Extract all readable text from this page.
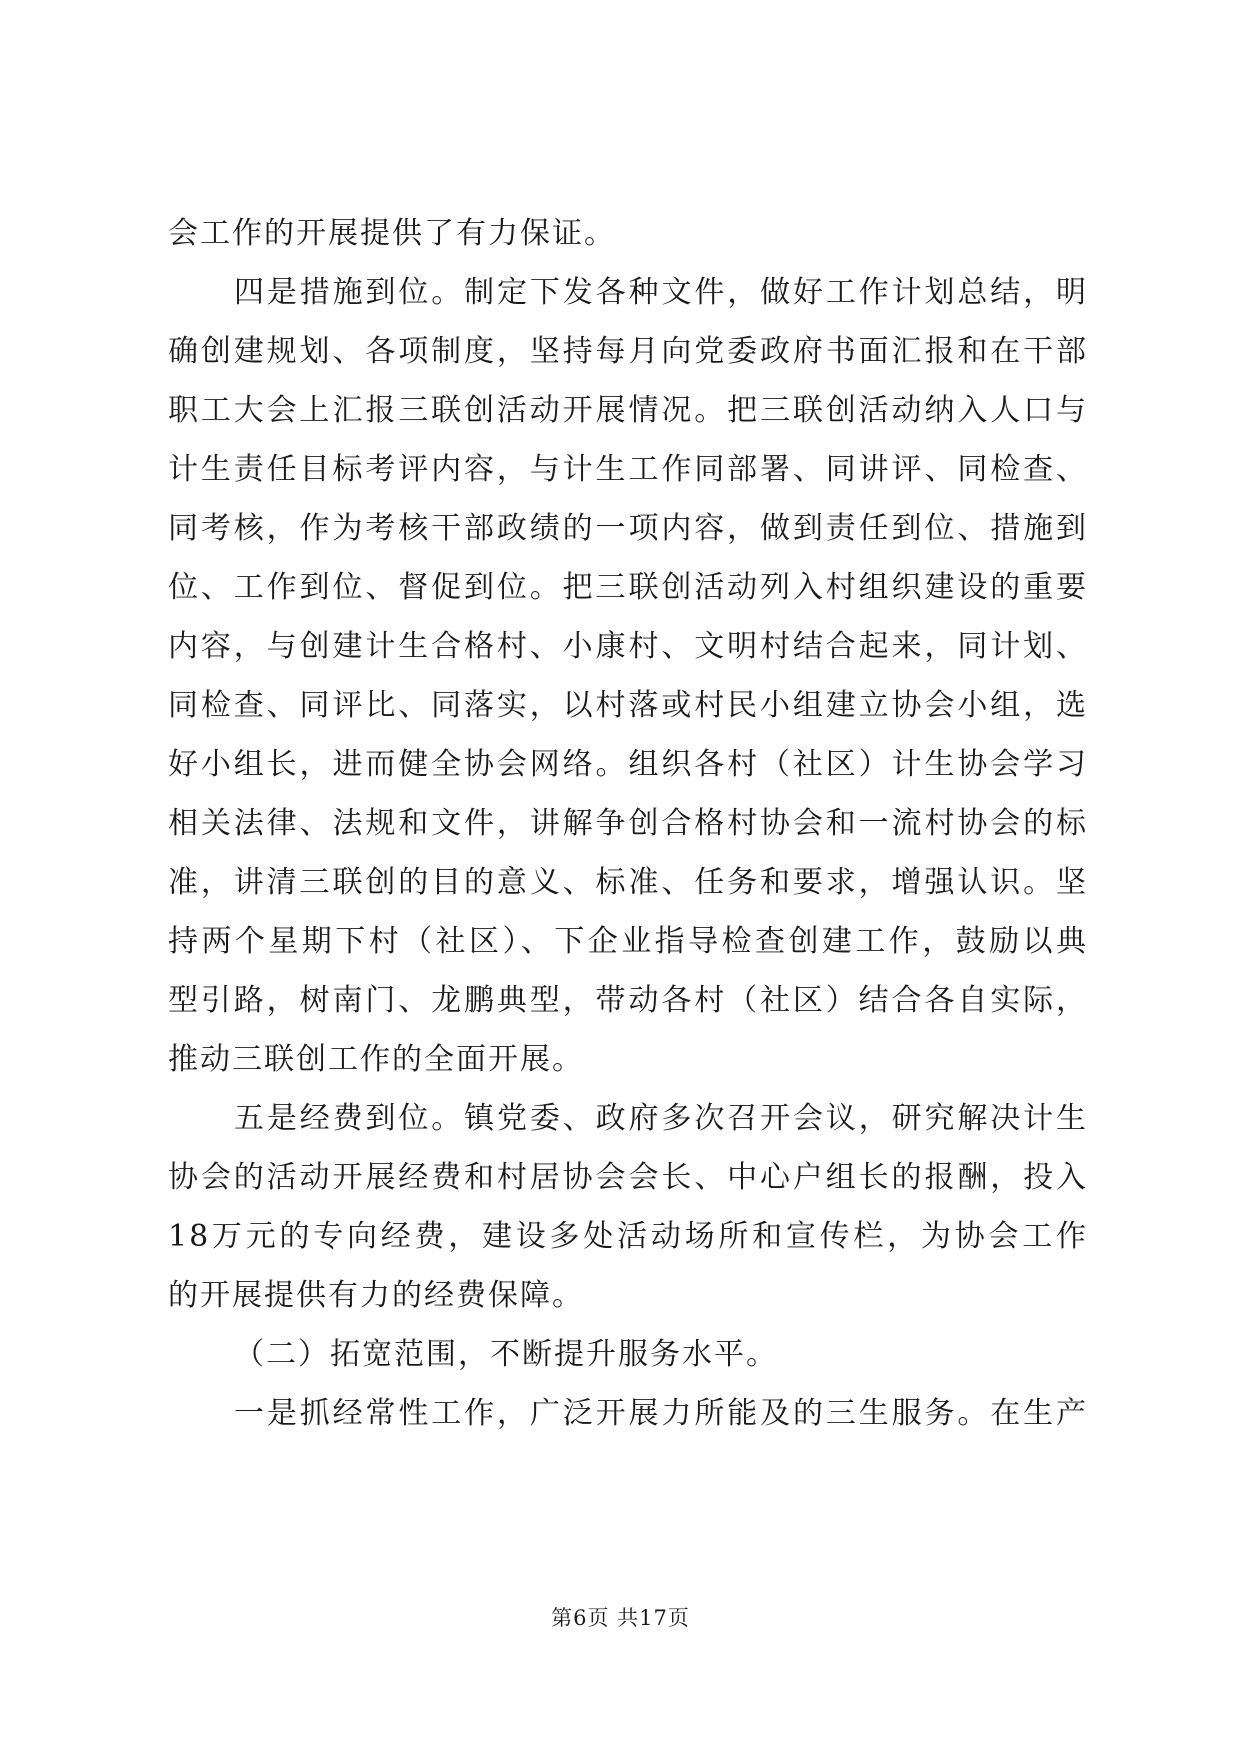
会工作的开展提供了有力保证。
四是措施到位。制定下发各种文件，做好工作计划总结，明
确创建规划、各项制度，坚持每月向党委政府书面汇报和在干部
职工大会上汇报三联创活动开展情况。把三联创活动纳入人口与
计生责任目标考评内容，与计生工作同部署、同讲评、同检查、
同考核，作为考核干部政绩的一项内容，做到责任到位、措施到
位、工作到位、督促到位。把三联创活动列入村组织建设的重要
内容，与创建计生合格村、小康村、文明村结合起来，同计划、
同检查、同评比、同落实，以村落或村民小组建立协会小组，选
好小组长，进而健全协会网络。组织各村（社区）计生协会学习
相关法律、法规和文件，讲解争创合格村协会和一流村协会的标
准，讲清三联创的目的意义、标准、任务和要求，增强认识。坚
持两个星期下村（社区）、下企业指导检查创建工作，鼓励以典
型引路，树南门、龙鹏典型，带动各村（社区）结合各自实际，
推动三联创工作的全面开展。
五是经费到位。镇党委、政府多次召开会议，研究解决计生
协会的活动开展经费和村居协会会长、中心户组长的报酬，投入
18万元的专向经费，建设多处活动场所和宣传栏，为协会工作
的开展提供有力的经费保障。
（二）拓宽范围，不断提升服务水平。
一是抓经常性工作，广泛开展力所能及的三生服务。在生产
第6页 共17页
